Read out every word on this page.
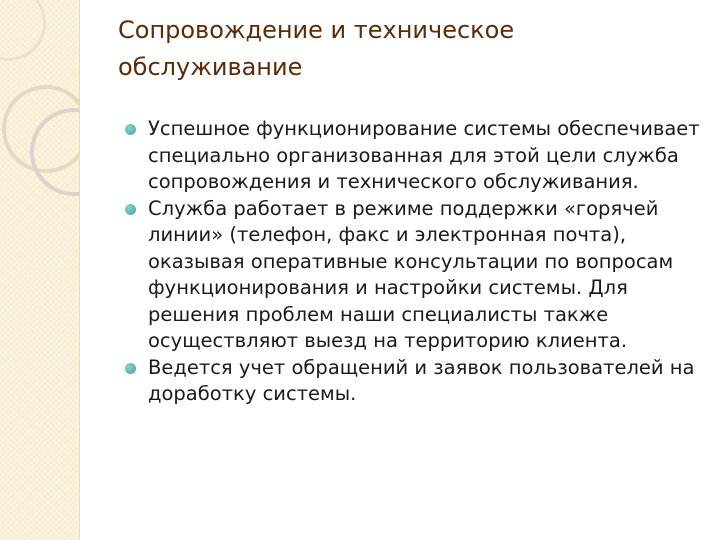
Сопровождение и техническое обслуживание
Успешное функционирование системы обеспечивает специально организованная для этой цели служба сопровождения и технического обслуживания.
Служба работает в режиме поддержки «горячей линии» (телефон, факс и электронная почта), оказывая оперативные консультации по вопросам функционирования и настройки системы. Для решения проблем наши специалисты также осуществляют выезд на территорию клиента.
Ведется учет обращений и заявок пользователей на доработку системы.
